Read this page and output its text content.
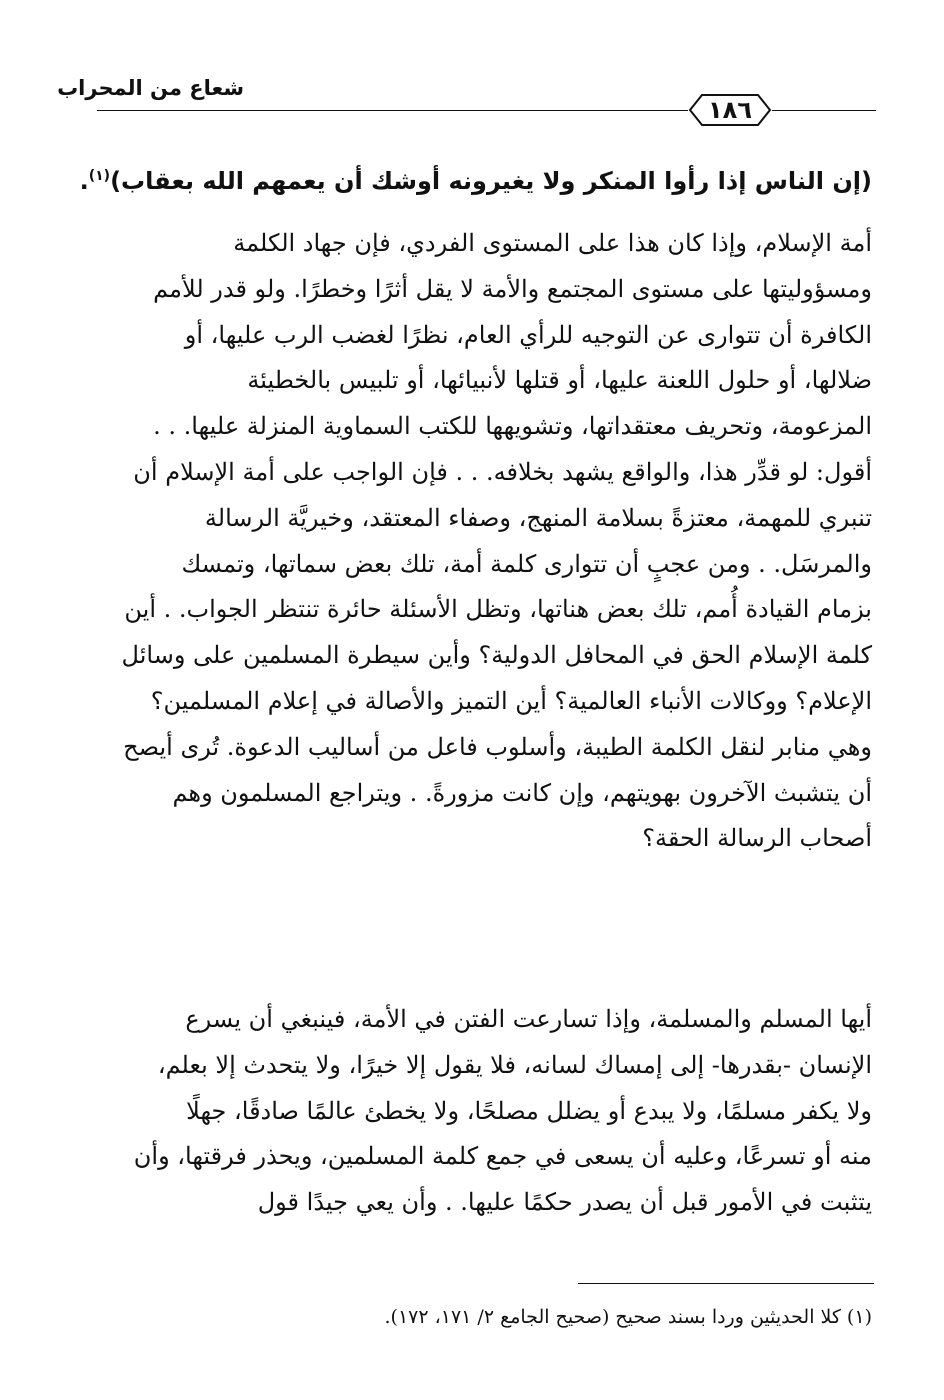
شعاع من المحراب
١٨٦
(إن الناس إذا رأوا المنكر ولا يغيرونه أوشك أن يعمهم الله بعقاب)$^{(١)}$.

أمة الإسلام، وإذا كان هذا على المستوى الفردي، فإن جهاد الكلمة

ومسؤوليتها على مستوى المجتمع والأمة لا يقل أثرًا وخطرًا. ولو قدر للأمم

الكافرة أن تتوارى عن التوجيه للرأي العام، نظرًا لغضب الرب عليها، أو

ضلالها، أو حلول اللعنة عليها، أو قتلها لأنبيائها، أو تلبيس بالخطيئة

المزعومة، وتحريف معتقداتها، وتشويهها للكتب السماوية المنزلة عليها. . .

أقول: لو قدِّر هذا، والواقع يشهد بخلافه. . . فإن الواجب على أمة الإسلام أن

تنبري للمهمة، معتزةً بسلامة المنهج، وصفاء المعتقد، وخيريَّة الرسالة

والمرسَل. . ومن عجبٍ أن تتوارى كلمة أمة، تلك بعض سماتها، وتمسك

بزمام القيادة أُمم، تلك بعض هناتها، وتظل الأسئلة حائرة تنتظر الجواب. . أين

كلمة الإسلام الحق في المحافل الدولية؟ وأين سيطرة المسلمين على وسائل

الإعلام؟ ووكالات الأنباء العالمية؟ أين التميز والأصالة في إعلام المسلمين؟

وهي منابر لنقل الكلمة الطيبة، وأسلوب فاعل من أساليب الدعوة. تُرى أيصح

أن يتشبث الآخرون بهويتهم، وإن كانت مزورةً. . ويتراجع المسلمون وهم

أصحاب الرسالة الحقة؟

أيها المسلم والمسلمة، وإذا تسارعت الفتن في الأمة، فينبغي أن يسرع

الإنسان -بقدرها- إلى إمساك لسانه، فلا يقول إلا خيرًا، ولا يتحدث إلا بعلم،

ولا يكفر مسلمًا، ولا يبدع أو يضلل مصلحًا، ولا يخطئ عالمًا صادقًا، جهلًا

منه أو تسرعًا، وعليه أن يسعى في جمع كلمة المسلمين، ويحذر فرقتها، وأن

يتثبت في الأمور قبل أن يصدر حكمًا عليها. . وأن يعي جيدًا قول

(١) كلا الحديثين وردا بسند صحيح (صحيح الجامع ٢/ ١٧١، ١٧٢).
